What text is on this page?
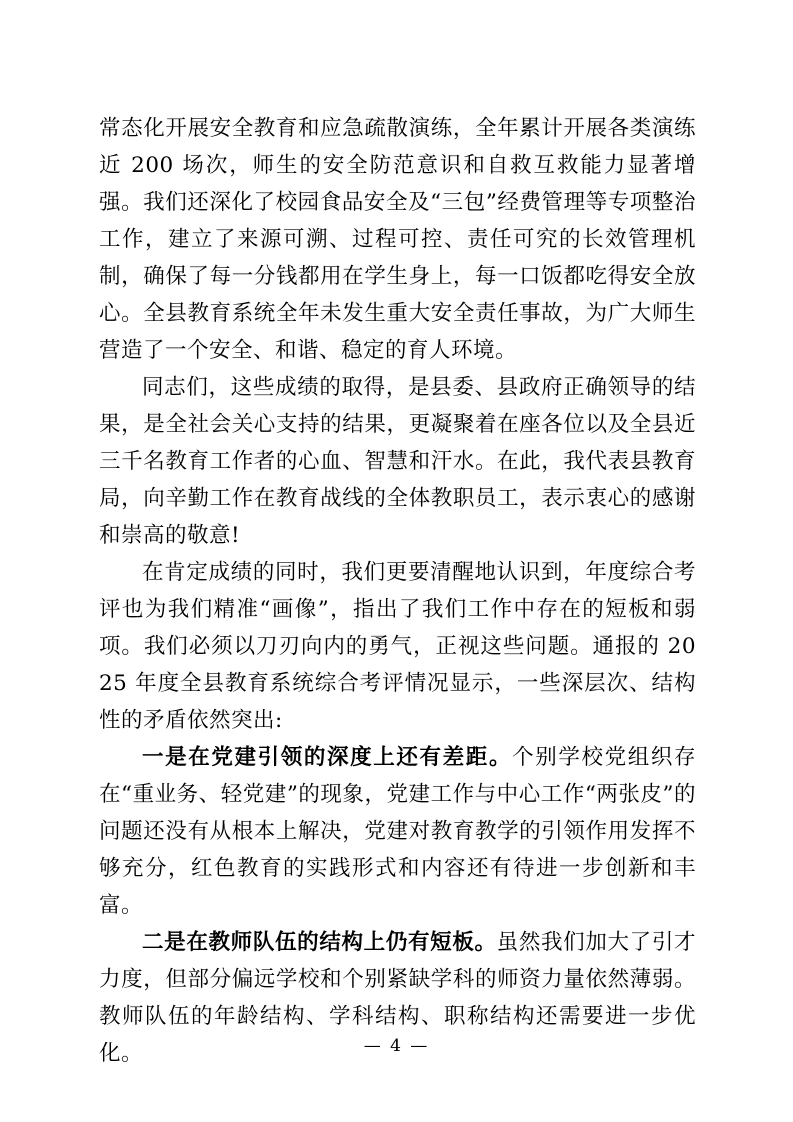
常态化开展安全教育和应急疏散演练，全年累计开展各类演练近 200 场次，师生的安全防范意识和自救互救能力显著增强。我们还深化了校园食品安全及“三包”经费管理等专项整治工作，建立了来源可溯、过程可控、责任可究的长效管理机制，确保了每一分钱都用在学生身上，每一口饭都吃得安全放心。全县教育系统全年未发生重大安全责任事故，为广大师生营造了一个安全、和谐、稳定的育人环境。

同志们，这些成绩的取得，是县委、县政府正确领导的结果，是全社会关心支持的结果，更凝聚着在座各位以及全县近三千名教育工作者的心血、智慧和汗水。在此，我代表县教育局，向辛勤工作在教育战线的全体教职员工，表示衷心的感谢和崇高的敬意!

在肯定成绩的同时，我们更要清醒地认识到，年度综合考评也为我们精准“画像”，指出了我们工作中存在的短板和弱项。我们必须以刀刃向内的勇气，正视这些问题。通报的 2025 年度全县教育系统综合考评情况显示，一些深层次、结构性的矛盾依然突出:

一是在党建引领的深度上还有差距。个别学校党组织存在“重业务、轻党建”的现象，党建工作与中心工作“两张皮”的问题还没有从根本上解决，党建对教育教学的引领作用发挥不够充分，红色教育的实践形式和内容还有待进一步创新和丰富。

二是在教师队伍的结构上仍有短板。虽然我们加大了引才力度，但部分偏远学校和个别紧缺学科的师资力量依然薄弱。教师队伍的年龄结构、学科结构、职称结构还需要进一步优化。	— 4 —
